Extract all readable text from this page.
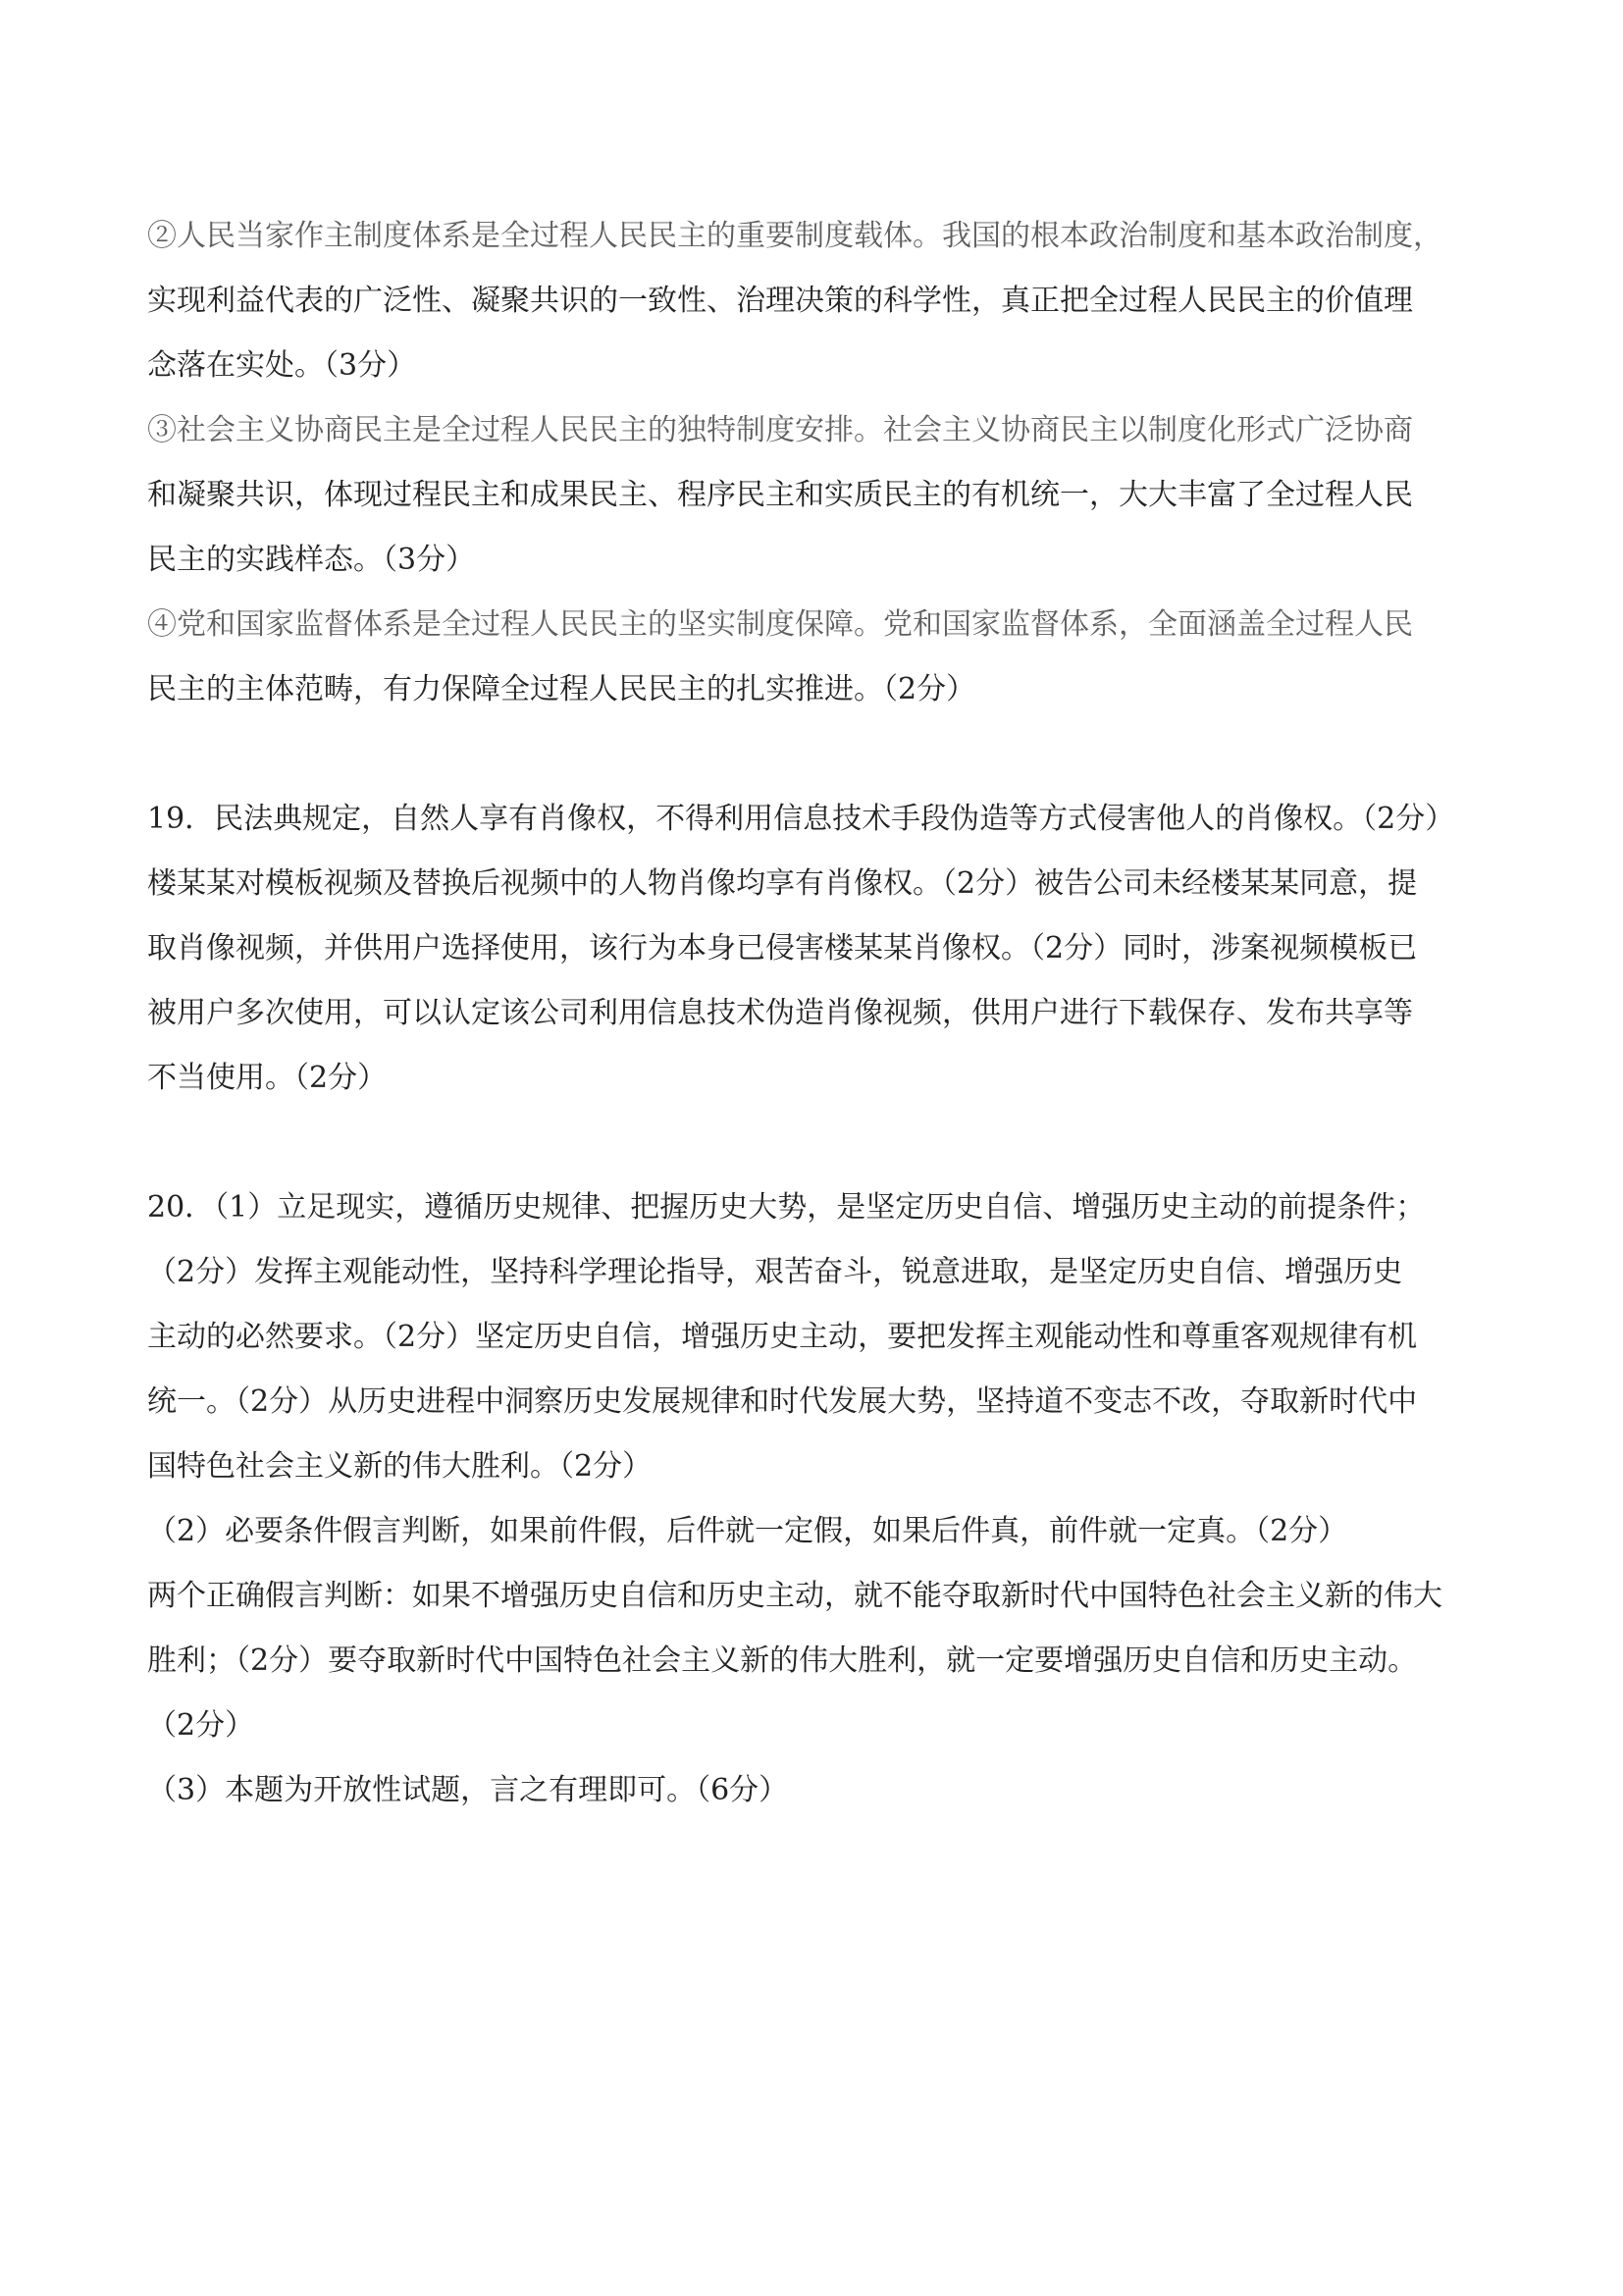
②人民当家作主制度体系是全过程人民民主的重要制度载体。我国的根本政治制度和基本政治制度，
实现利益代表的广泛性、凝聚共识的一致性、治理决策的科学性，真正把全过程人民民主的价值理
念落在实处。（3分）
③社会主义协商民主是全过程人民民主的独特制度安排。社会主义协商民主以制度化形式广泛协商
和凝聚共识，体现过程民主和成果民主、程序民主和实质民主的有机统一，大大丰富了全过程人民
民主的实践样态。（3分）
④党和国家监督体系是全过程人民民主的坚实制度保障。党和国家监督体系，全面涵盖全过程人民
民主的主体范畴，有力保障全过程人民民主的扎实推进。（2分）
19．民法典规定，自然人享有肖像权，不得利用信息技术手段伪造等方式侵害他人的肖像权。（2分）
楼某某对模板视频及替换后视频中的人物肖像均享有肖像权。（2分）被告公司未经楼某某同意，提
取肖像视频，并供用户选择使用，该行为本身已侵害楼某某肖像权。（2分）同时，涉案视频模板已
被用户多次使用，可以认定该公司利用信息技术伪造肖像视频，供用户进行下载保存、发布共享等
不当使用。（2分）
20．（1）立足现实，遵循历史规律、把握历史大势，是坚定历史自信、增强历史主动的前提条件；
（2分）发挥主观能动性，坚持科学理论指导，艰苦奋斗，锐意进取，是坚定历史自信、增强历史
主动的必然要求。（2分）坚定历史自信，增强历史主动，要把发挥主观能动性和尊重客观规律有机
统一。（2分）从历史进程中洞察历史发展规律和时代发展大势，坚持道不变志不改，夺取新时代中
国特色社会主义新的伟大胜利。（2分）
（2）必要条件假言判断，如果前件假，后件就一定假，如果后件真，前件就一定真。（2分）
两个正确假言判断：如果不增强历史自信和历史主动，就不能夺取新时代中国特色社会主义新的伟大
胜利；（2分）要夺取新时代中国特色社会主义新的伟大胜利，就一定要增强历史自信和历史主动。
（2分）
（3）本题为开放性试题，言之有理即可。（6分）
